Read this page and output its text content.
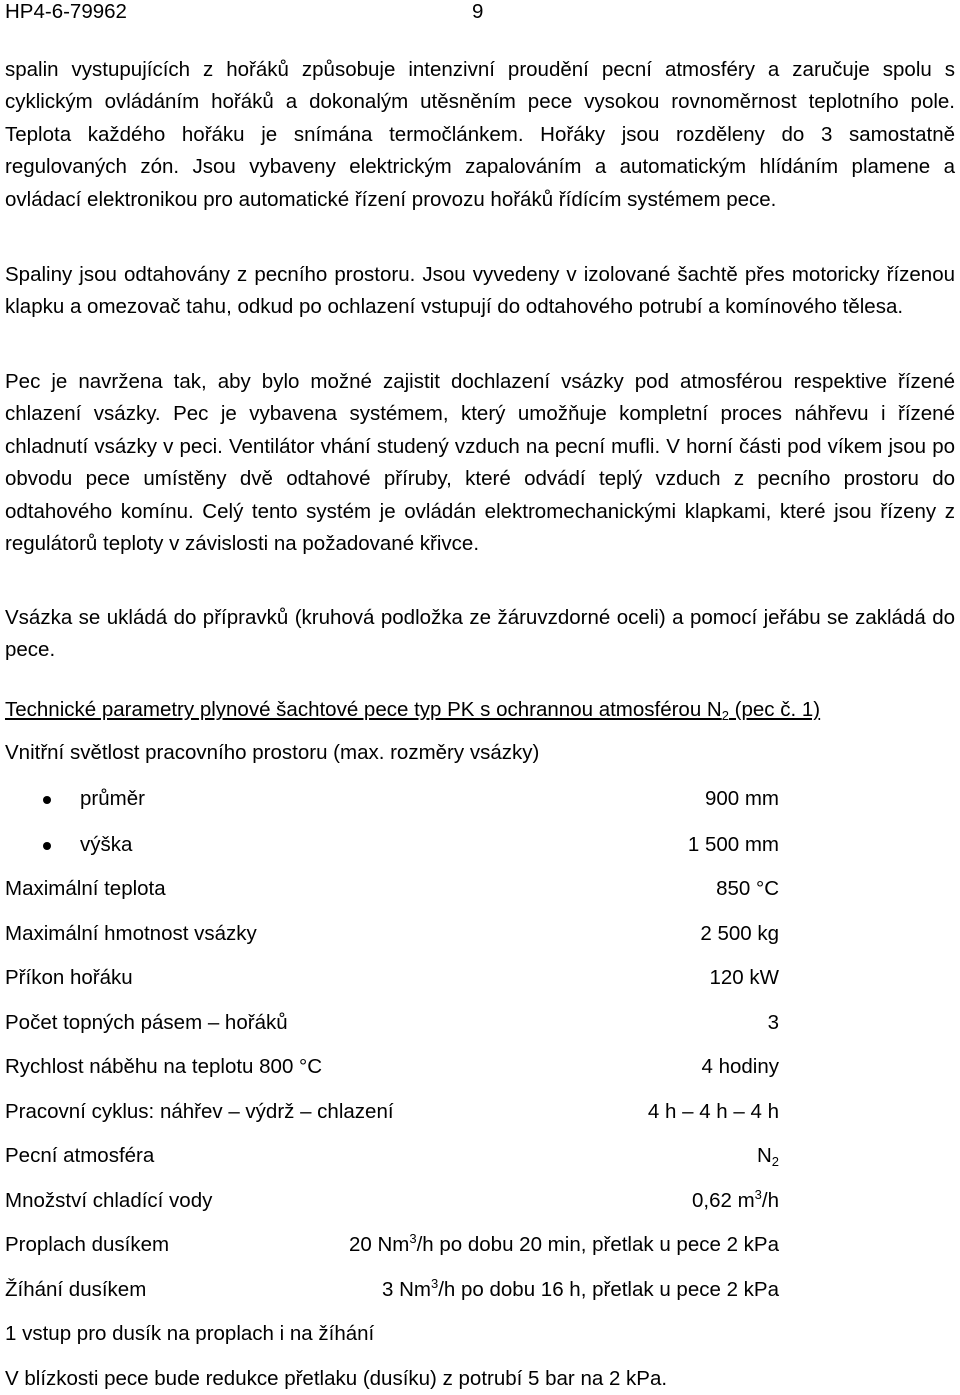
HP4-6-79962	9

spalin vystupujících z hořáků způsobuje intenzivní proudění pecní atmosféry a zaručuje spolu s cyklickým ovládáním hořáků a dokonalým utěsněním pece vysokou rovnoměrnost teplotního pole. Teplota každého hořáku je snímána termočlánkem. Hořáky jsou rozděleny do 3 samostatně regulovaných zón. Jsou vybaveny elektrickým zapalováním a automatickým hlídáním plamene a ovládací elektronikou pro automatické řízení provozu hořáků řídícím systémem pece.

Spaliny jsou odtahovány z pecního prostoru. Jsou vyvedeny v izolované šachtě přes motoricky řízenou klapku a omezovač tahu, odkud po ochlazení vstupují do odtahového potrubí a komínového tělesa.

Pec je navržena tak, aby bylo možné zajistit dochlazení vsázky pod atmosférou respektive řízené chlazení vsázky. Pec je vybavena systémem, který umožňuje kompletní proces náhřevu i řízené chladnutí vsázky v peci. Ventilátor vhání studený vzduch na pecní mufli. V horní části pod víkem jsou po obvodu pece umístěny dvě odtahové příruby, které odvádí teplý vzduch z pecního prostoru do odtahového komínu. Celý tento systém je ovládán elektromechanickými klapkami, které jsou řízeny z regulátorů teploty v závislosti na požadované křivce.

Vsázka se ukládá do přípravků (kruhová podložka ze žáruvzdorné oceli) a pomocí jeřábu se zakládá do pece.

Technické parametry plynové šachtové pece typ PK s ochrannou atmosférou $N_2$ (pec č. 1)
Vnitřní světlost pracovního prostoru (max. rozměry vsázky)
průměr	900 mm
výška	1 500 mm
Maximální teplota	850 °C
Maximální hmotnost vsázky	2 500 kg
Příkon hořáku	120 kW
Počet topných pásem – hořáků	3
Rychlost náběhu na teplotu 800 °C	4 hodiny
Pracovní cyklus: náhřev – výdrž – chlazení	4 h – 4 h – 4 h
Pecní atmosféra	$N_2$
Množství chladící vody	0,62 $m^3/h$
Proplach dusíkem	20 Nm$^3$/h po dobu 20 min, přetlak u pece 2 kPa
Žíhání dusíkem	3 Nm$^3$/h po dobu 16 h, přetlak u pece 2 kPa
1 vstup pro dusík na proplach i na žíhání
V blízkosti pece bude redukce přetlaku (dusíku) z potrubí 5 bar na 2 kPa.
